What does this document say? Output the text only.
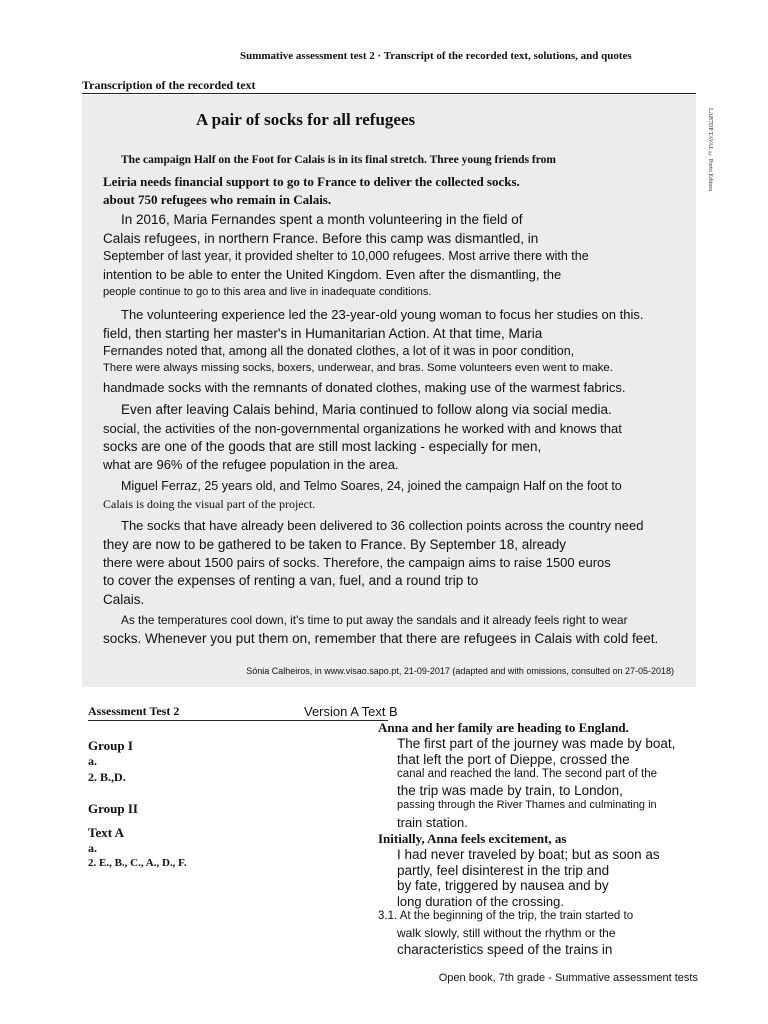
Summative assessment test 2 · Transcript of the recorded text, solutions, and quotes
Transcription of the recorded text
LAB7DP TAVAL © Porto Editora
A pair of socks for all refugees
The campaign Half on the Foot for Calais is in its final stretch. Three young friends from
Leiria needs financial support to go to France to deliver the collected socks.
about 750 refugees who remain in Calais.
In 2016, Maria Fernandes spent a month volunteering in the field of
Calais refugees, in northern France. Before this camp was dismantled, in
September of last year, it provided shelter to 10,000 refugees. Most arrive there with the
intention to be able to enter the United Kingdom. Even after the dismantling, the
people continue to go to this area and live in inadequate conditions.
The volunteering experience led the 23-year-old young woman to focus her studies on this.
field, then starting her master's in Humanitarian Action. At that time, Maria
Fernandes noted that, among all the donated clothes, a lot of it was in poor condition,
There were always missing socks, boxers, underwear, and bras. Some volunteers even went to make.
handmade socks with the remnants of donated clothes, making use of the warmest fabrics.
Even after leaving Calais behind, Maria continued to follow along via social media.
social, the activities of the non-governmental organizations he worked with and knows that
socks are one of the goods that are still most lacking - especially for men,
what are 96% of the refugee population in the area.
Miguel Ferraz, 25 years old, and Telmo Soares, 24, joined the campaign Half on the foot to
Calais is doing the visual part of the project.
The socks that have already been delivered to 36 collection points across the country need
they are now to be gathered to be taken to France. By September 18, already
there were about 1500 pairs of socks. Therefore, the campaign aims to raise 1500 euros
to cover the expenses of renting a van, fuel, and a round trip to
Calais.
As the temperatures cool down, it's time to put away the sandals and it already feels right to wear
socks. Whenever you put them on, remember that there are refugees in Calais with cold feet.
Sónia Calheiros, in www.visao.sapo.pt, 21-09-2017 (adapted and with omissions, consulted on 27-05-2018)
Assessment Test 2	Version A Text B
Group I
a.
2. B.,D.
Group II
Text A
a.
2. E., B., C., A., D., F.
Anna and her family are heading to England.
The first part of the journey was made by boat,
that left the port of Dieppe, crossed the
canal and reached the land. The second part of the
the trip was made by train, to London,
passing through the River Thames and culminating in
train station.
Initially, Anna feels excitement, as
I had never traveled by boat; but as soon as
partly, feel disinterest in the trip and
by fate, triggered by nausea and by
long duration of the crossing.
3.1. At the beginning of the trip, the train started to
walk slowly, still without the rhythm or the
characteristics speed of the trains in
Open book, 7th grade - Summative assessment tests
